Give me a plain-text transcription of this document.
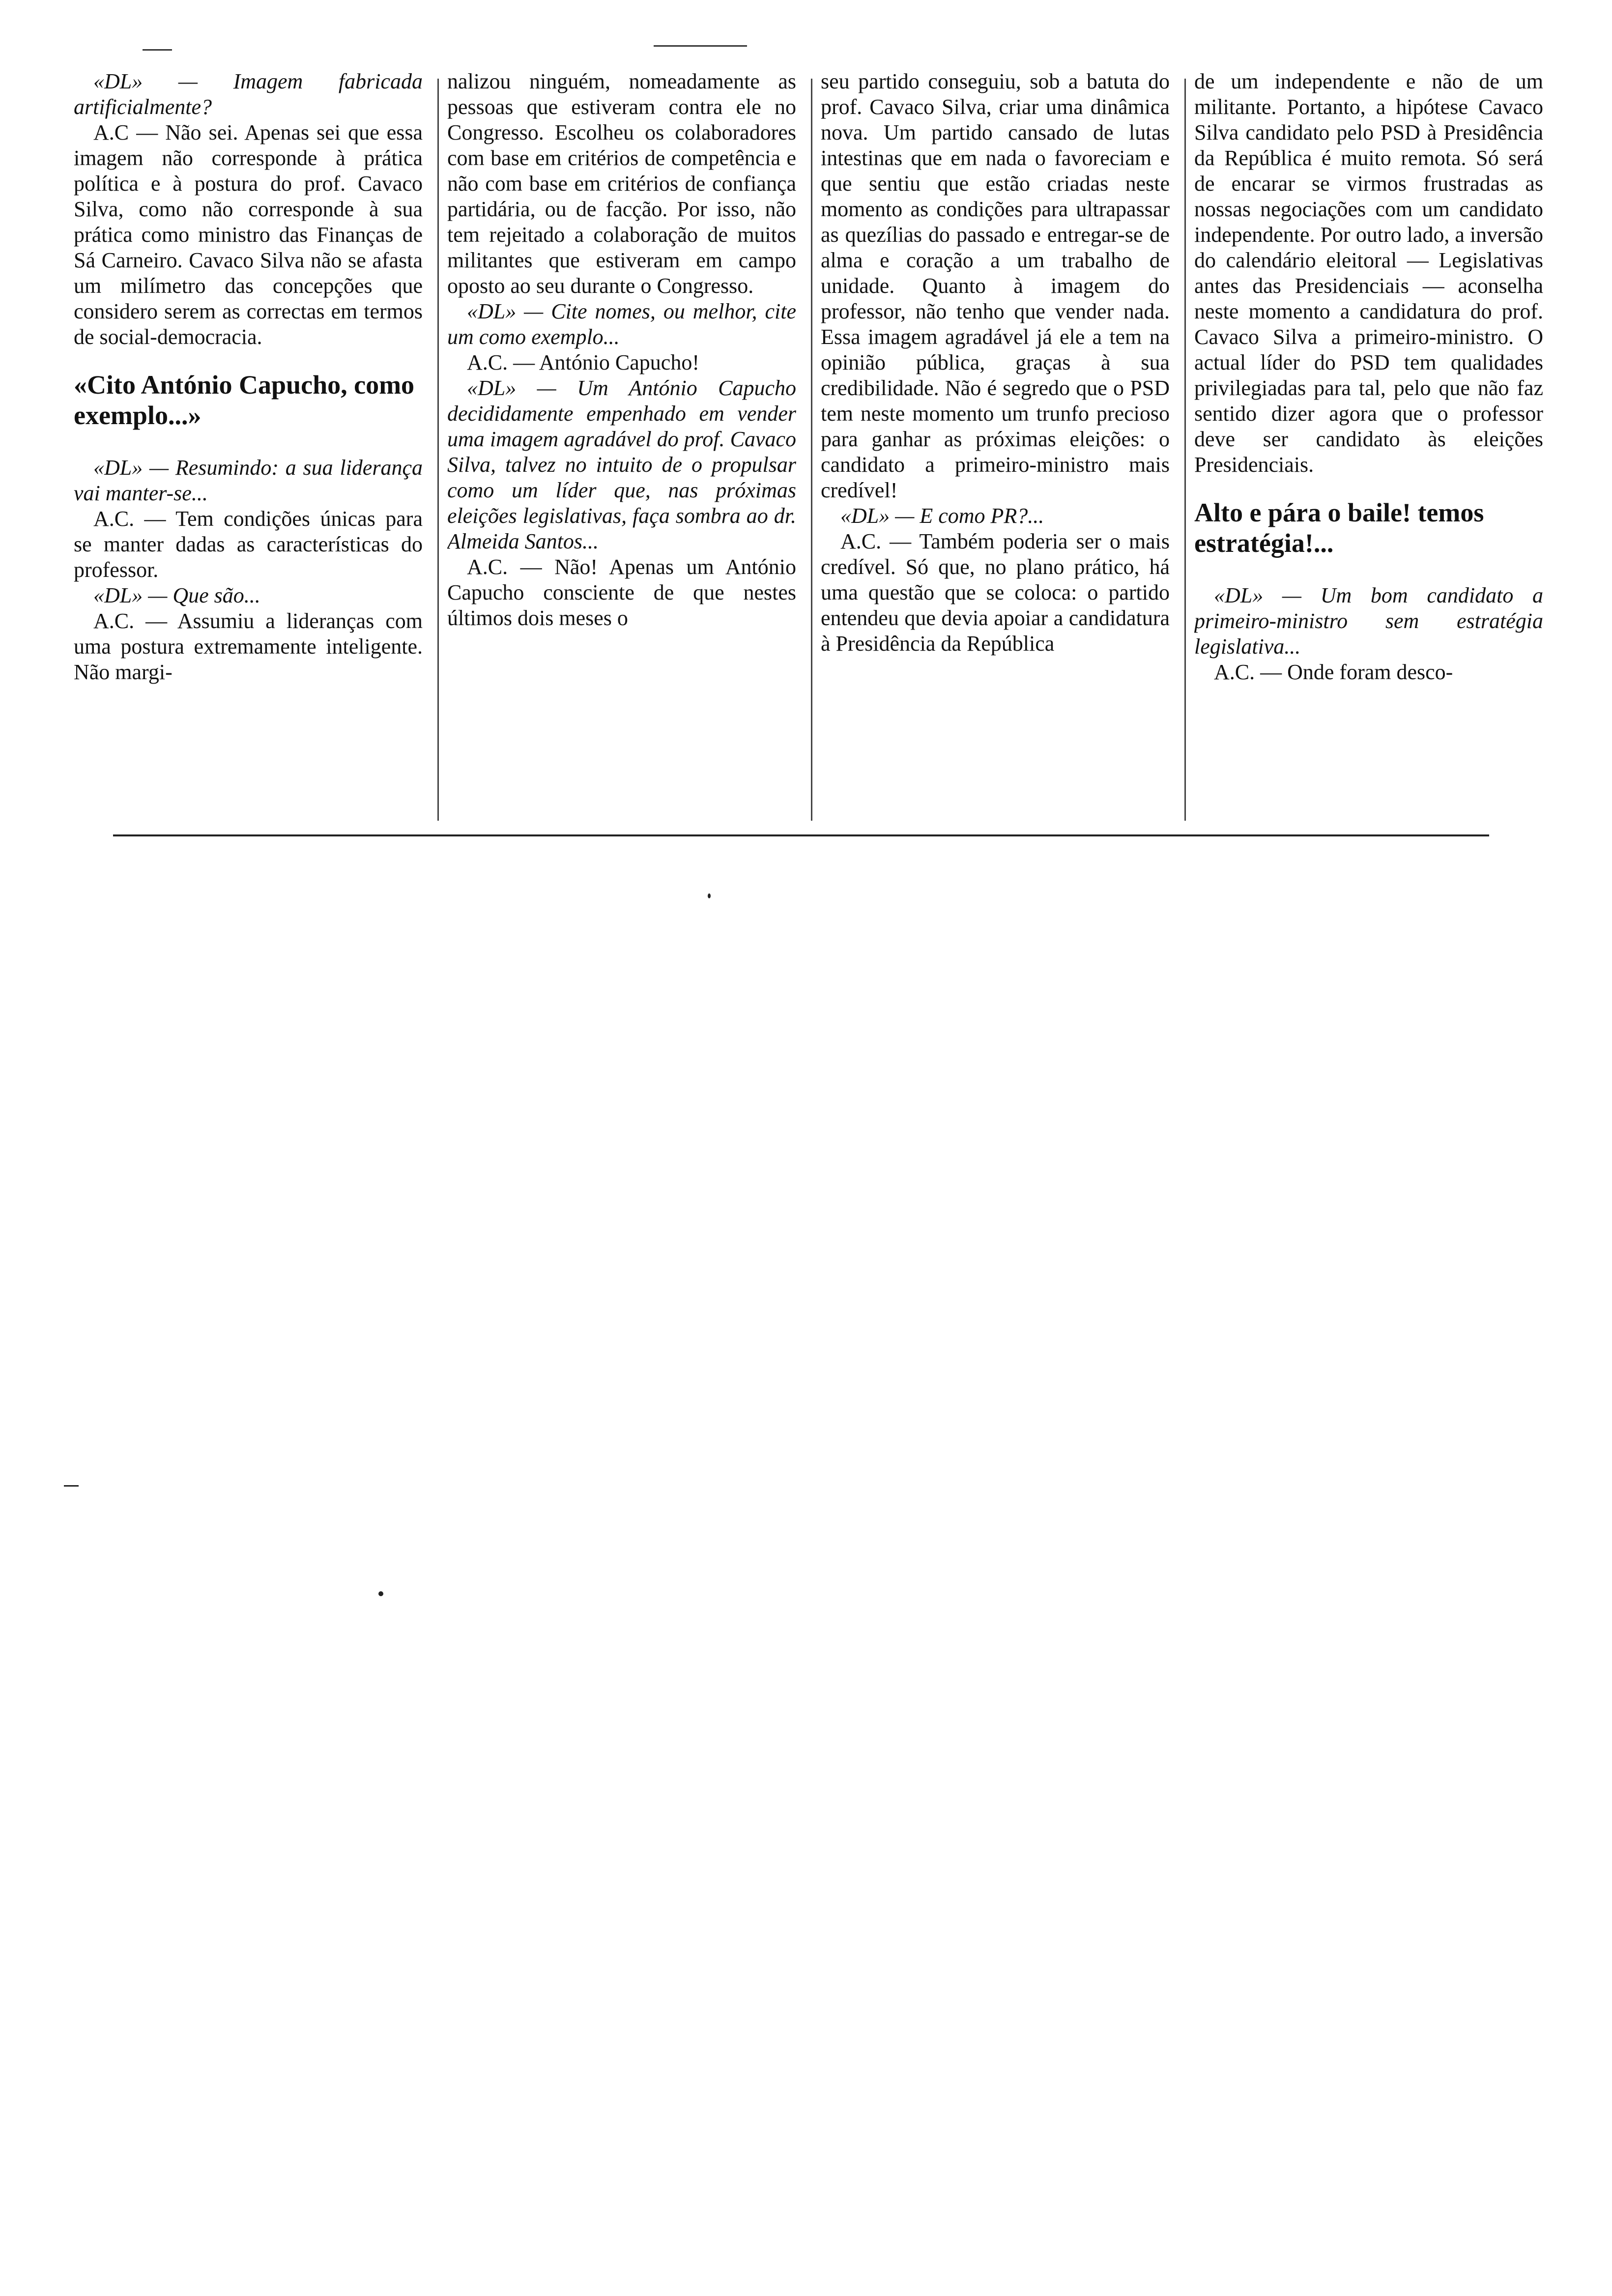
«DL» — Imagem fabricada artificialmente?

A.C — Não sei. Apenas sei que essa imagem não corresponde à prática política e à postura do prof. Cavaco Silva, como não corresponde à sua prática como ministro das Finanças de Sá Carneiro. Cavaco Silva não se afasta um milímetro das concepções que considero serem as correctas em termos de social-democracia.

«Cito António Capucho, como exemplo...»

«DL» — Resumindo: a sua liderança vai manter-se...

A.C. — Tem condições únicas para se manter dadas as características do professor.

«DL» — Que são...

A.C. — Assumiu a lideranças com uma postura extremamente inteligente. Não margi-

nalizou ninguém, nomeadamente as pessoas que estiveram contra ele no Congresso. Escolheu os colaboradores com base em critérios de competência e não com base em critérios de confiança partidária, ou de facção. Por isso, não tem rejeitado a colaboração de muitos militantes que estiveram em campo oposto ao seu durante o Congresso.

«DL» — Cite nomes, ou melhor, cite um como exemplo...

A.C. — António Capucho!

«DL» — Um António Capucho decididamente empenhado em vender uma imagem agradável do prof. Cavaco Silva, talvez no intuito de o propulsar como um líder que, nas próximas eleições legislativas, faça sombra ao dr. Almeida Santos...

A.C. — Não! Apenas um António Capucho consciente de que nestes últimos dois meses o

seu partido conseguiu, sob a batuta do prof. Cavaco Silva, criar uma dinâmica nova. Um partido cansado de lutas intestinas que em nada o favoreciam e que sentiu que estão criadas neste momento as condições para ultrapassar as quezílias do passado e entregar-se de alma e coração a um trabalho de unidade. Quanto à imagem do professor, não tenho que vender nada. Essa imagem agradável já ele a tem na opinião pública, graças à sua credibilidade. Não é segredo que o PSD tem neste momento um trunfo precioso para ganhar as próximas eleições: o candidato a primeiro-ministro mais credível!

«DL» — E como PR?...

A.C. — Também poderia ser o mais credível. Só que, no plano prático, há uma questão que se coloca: o partido entendeu que devia apoiar a candidatura à Presidência da República

de um independente e não de um militante. Portanto, a hipótese Cavaco Silva candidato pelo PSD à Presidência da República é muito remota. Só será de encarar se virmos frustradas as nossas negociações com um candidato independente. Por outro lado, a inversão do calendário eleitoral — Legislativas antes das Presidenciais — aconselha neste momento a candidatura do prof. Cavaco Silva a primeiro-ministro. O actual líder do PSD tem qualidades privilegiadas para tal, pelo que não faz sentido dizer agora que o professor deve ser candidato às eleições Presidenciais.

Alto e pára o baile! temos estratégia!...

«DL» — Um bom candidato a primeiro-ministro sem estratégia legislativa...

A.C. — Onde foram desco-
